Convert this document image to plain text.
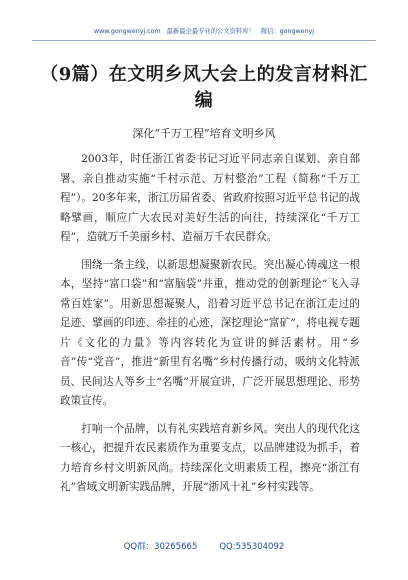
www.gongwenyj.com 最新最全最专业的公文资料库！ 微信：gongwenyj
（9篇）在文明乡风大会上的发言材料汇编
深化“千万工程”培育文明乡风

2003年，时任浙江省委书记习近平同志亲自谋划、亲自部署、亲自推动实施“千村示范、万村整治”工程（简称“千万工程”）。20多年来，浙江历届省委、省政府按照习近平总书记的战略擘画，顺应广大农民对美好生活的向往，持续深化“千万工程”，造就万千美丽乡村、造福万千农民群众。

围绕一条主线，以新思想凝聚新农民。突出凝心铸魂这一根本，坚持“富口袋”和“富脑袋”并重，推动党的创新理论“飞入寻常百姓家”。用新思想凝聚人，沿着习近平总书记在浙江走过的足迹、擘画的印迹、牵挂的心迹，深挖理论“富矿”，将电视专题片《文化的力量》等内容转化为宣讲的鲜活素材。用“乡音”传“党音”，推进“新里有名嘴”乡村传播行动，吸纳文化特派员、民间达人等乡土“名嘴”开展宣讲，广泛开展思想理论、形势政策宣传。

打响一个品牌，以有礼实践培育新乡风。突出人的现代化这一核心，把提升农民素质作为重要支点，以品牌建设为抓手，着力培育乡村文明新风尚。持续深化文明素质工程，擦亮“浙江有礼”省域文明新实践品牌，开展“浙风十礼”乡村实践等。

QQ群：30265665	QQ:535304092
